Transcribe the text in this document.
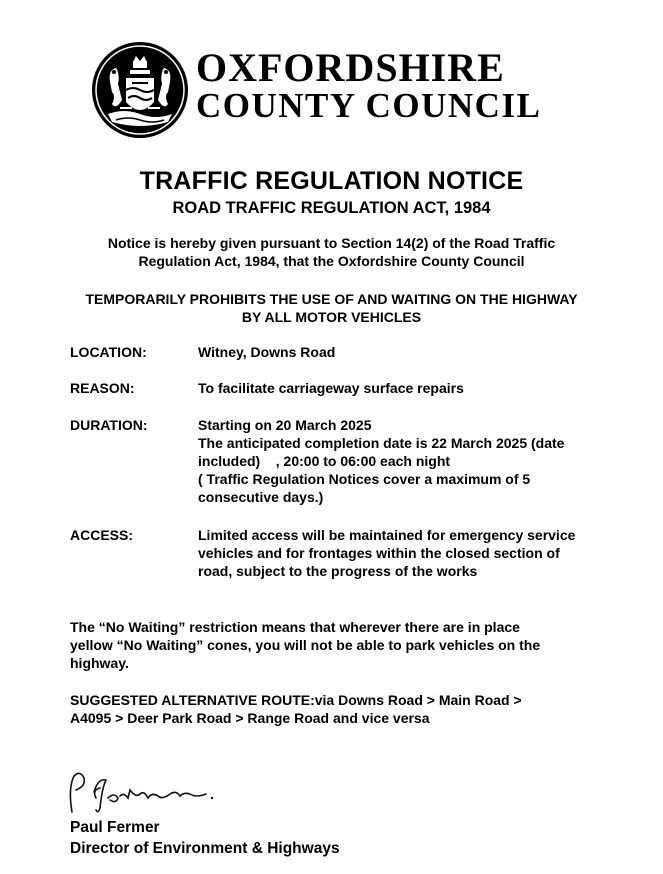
OXFORDSHIRE
COUNTY COUNCIL
TRAFFIC REGULATION NOTICE
ROAD TRAFFIC REGULATION ACT, 1984
Notice is hereby given pursuant to Section 14(2) of the Road Traffic
Regulation Act, 1984, that the Oxfordshire County Council
TEMPORARILY PROHIBITS THE USE OF AND WAITING ON THE HIGHWAY
BY ALL MOTOR VEHICLES
LOCATION:	Witney, Downs Road
REASON:	To facilitate carriageway surface repairs
DURATION:	Starting on 20 March 2025
The anticipated completion date is 22 March 2025 (date
included)    , 20:00 to 06:00 each night
( Traffic Regulation Notices cover a maximum of 5
consecutive days.)
ACCESS:	Limited access will be maintained for emergency service
vehicles and for frontages within the closed section of
road, subject to the progress of the works
The “No Waiting” restriction means that wherever there are in place
yellow “No Waiting” cones, you will not be able to park vehicles on the
highway.
SUGGESTED ALTERNATIVE ROUTE:via Downs Road > Main Road >
A4095 > Deer Park Road > Range Road and vice versa
Paul Fermer
Director of Environment & Highways
